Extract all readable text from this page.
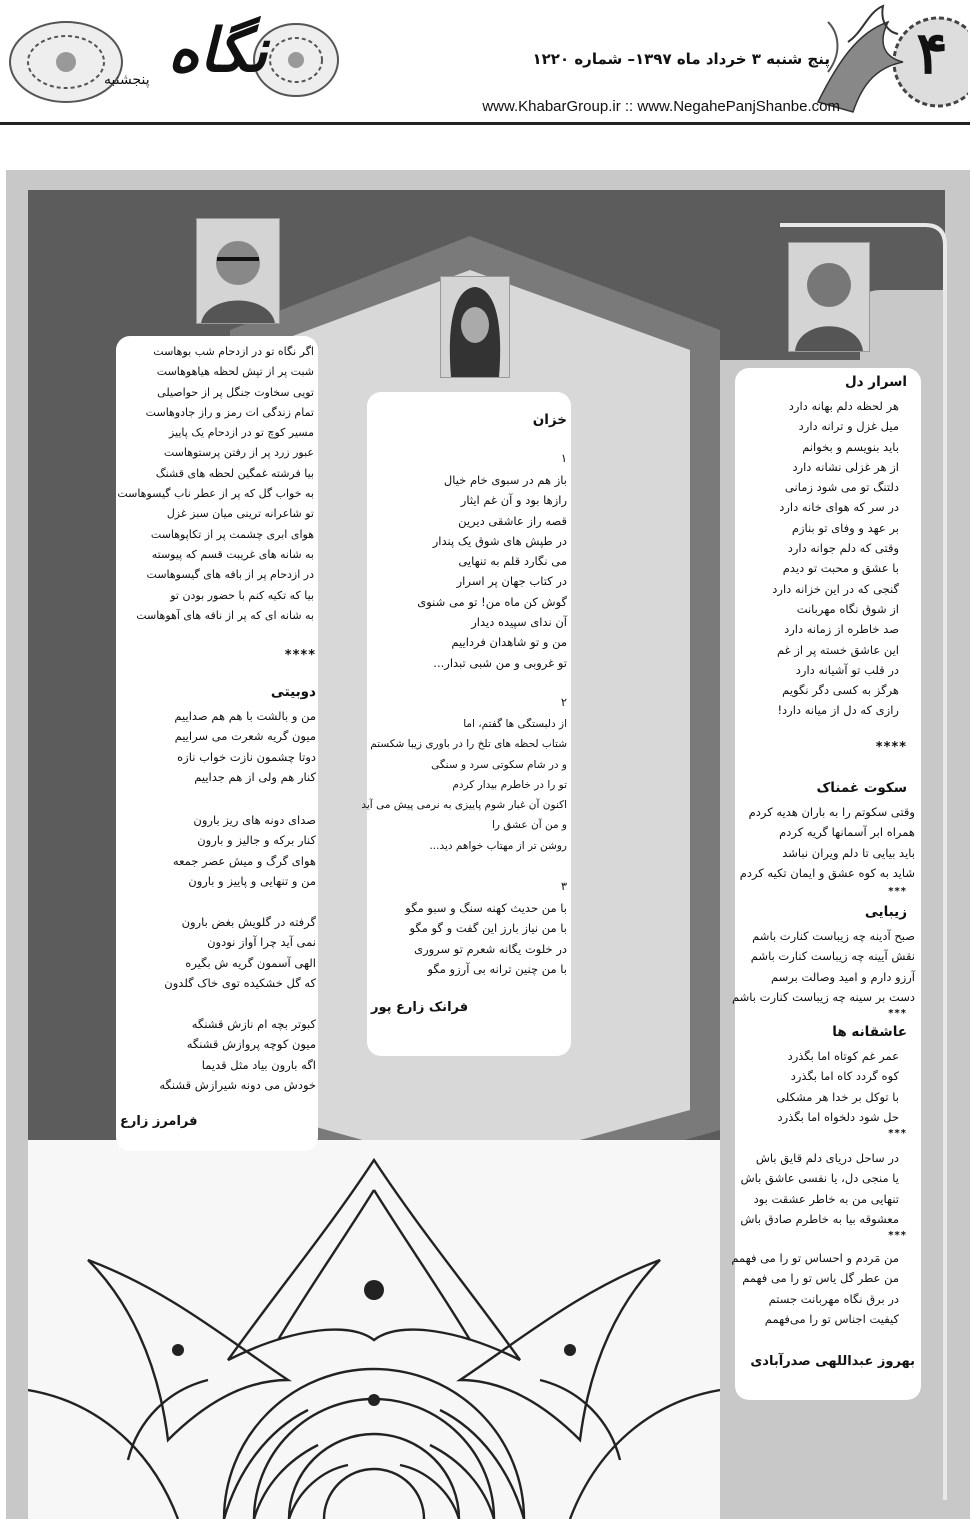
۴
نگاه
پنجشنبه
پنج شنبه ۳ خرداد ماه ۱۳۹۷– شماره ۱۲۲۰
www.KhabarGroup.ir :: www.NegahePanjShanbe.com
اسرار دل
هر لحظه دلم بهانه دارد
میل غزل و ترانه دارد
باید بنویسم و بخوانم
از هر غزلی نشانه دارد
دلتنگ تو می شود زمانی
در سر که هوای خانه دارد
بر عهد و وفای تو بنازم
وقتی که دلم جوانه دارد
با عشق و محبت تو دیدم
گنجی که در این خزانه دارد
از شوق نگاه مهربانت
صد خاطره از زمانه دارد
این عاشق خسته پر از غم
در قلب تو آشیانه دارد
هرگز به کسی دگر نگویم
رازی که دل از میانه دارد!
****
سکوت غمناک
وقتی سکوتم را به باران هدیه کردم
همراه ابر آسمانها گریه کردم
باید بیایی تا دلم ویران نباشد
شاید به کوه عشق و ایمان تکیه کردم
***
زیبایی
صبح آدینه چه زیباست کنارت باشم
نقش آیینه چه زیباست کنارت باشم
آرزو دارم و امید وصالت برسم
دست بر سینه چه زیباست کنارت باشم
***
عاشقانه ها
عمر غم کوتاه اما بگذرد
کوه گردد کاه اما بگذرد
با توکل بر خدا هر مشکلی
حل شود دلخواه اما بگذرد
***
در ساحل دریای دلم قایق باش
یا منجی دل، یا نفسی عاشق باش
تنهایی من به خاطر عشقت بود
معشوقه بیا به خاطرم صادق باش
***
من مَردم و احساس تو را می فهمم
من عطر گل یاس تو را می فهمم
در برق نگاه مهربانت جستم
کیفیت اجناس تو را می‌فهمم
بهروز عبداللهی صدرآبادی
خزان
۱
باز هم در سبوی خام خیال
رازها بود و آن غم ایثار
قصه راز عاشقی دیرین
در طپش های شوق یک پندار
می نگارد قلم به تنهایی
در کتاب جهان پر اسرار
گوش کن ماه من! تو می شنوی
آن ندای سپیده دیدار
من و تو شاهدان فرداییم
تو غروبی و من شبی تبدار...
۲
از دلبستگی ها گفتم، اما
شتاب لحظه های تلخ را در باوری زیبا شکستم
و در شام سکوتی سرد و سنگی
تو را در خاطرم بیدار کردم
اکنون آن غبار شوم پاییزی به نرمی پیش می آید
و من آن عشق را
روشن تر از مهتاب خواهم دید...
۳
با من حدیث کهنه سنگ و سبو مگو
با من نیاز بارز این گفت و گو مگو
در خلوت یگانه شعرم تو سروری
با من چنین ترانه بی آرزو مگو
فرانک زارع پور
اگر نگاه تو در ازدحام شب بوهاست
شبت پر از تپش لحظه هیاهوهاست
تویی سخاوت جنگل پر از حواصیلی
تمام زندگی ات رمز و راز جادوهاست
مسیر کوچ تو در ازدحام یک پاییز
عبور زرد پر از رفتن پرستوهاست
بیا فرشته غمگین لحظه های قشنگ
به خواب گل که پر از عطر ناب گیسوهاست
تو شاعرانه ترینی میان سبز غزل
هوای ابری چشمت پر از تکاپوهاست
به شانه های غریبت قسم که پیوسته
در ازدحام پر از بافه های گیسوهاست
بیا که تکیه کنم با حضور بودن تو
به شانه ای که پر از نافه های آهوهاست
****
دوبیتی
من و بالشت با هم هم صداییم
میون گریه شعرت می سراییم
دوتا چشمون نازت خواب نازه
کنار هم ولی از هم جداییم
صدای دونه های ریز بارون
کنار برکه و جالیز و بارون
هوای گرگ و میش عصر جمعه
من و تنهایی و پاییز و بارون
گرفته در گلویش بغض بارون
نمی آید چرا آواز نودون
الهی آسمون گریه ش بگیره
که گل خشکیده توی خاک گلدون
کبوتر بچه ام نازش قشنگه
میون کوچه پروازش قشنگه
اگه بارون بیاد مثل قدیما
خودش می دونه شیرازش قشنگه
فرامرز زارع
